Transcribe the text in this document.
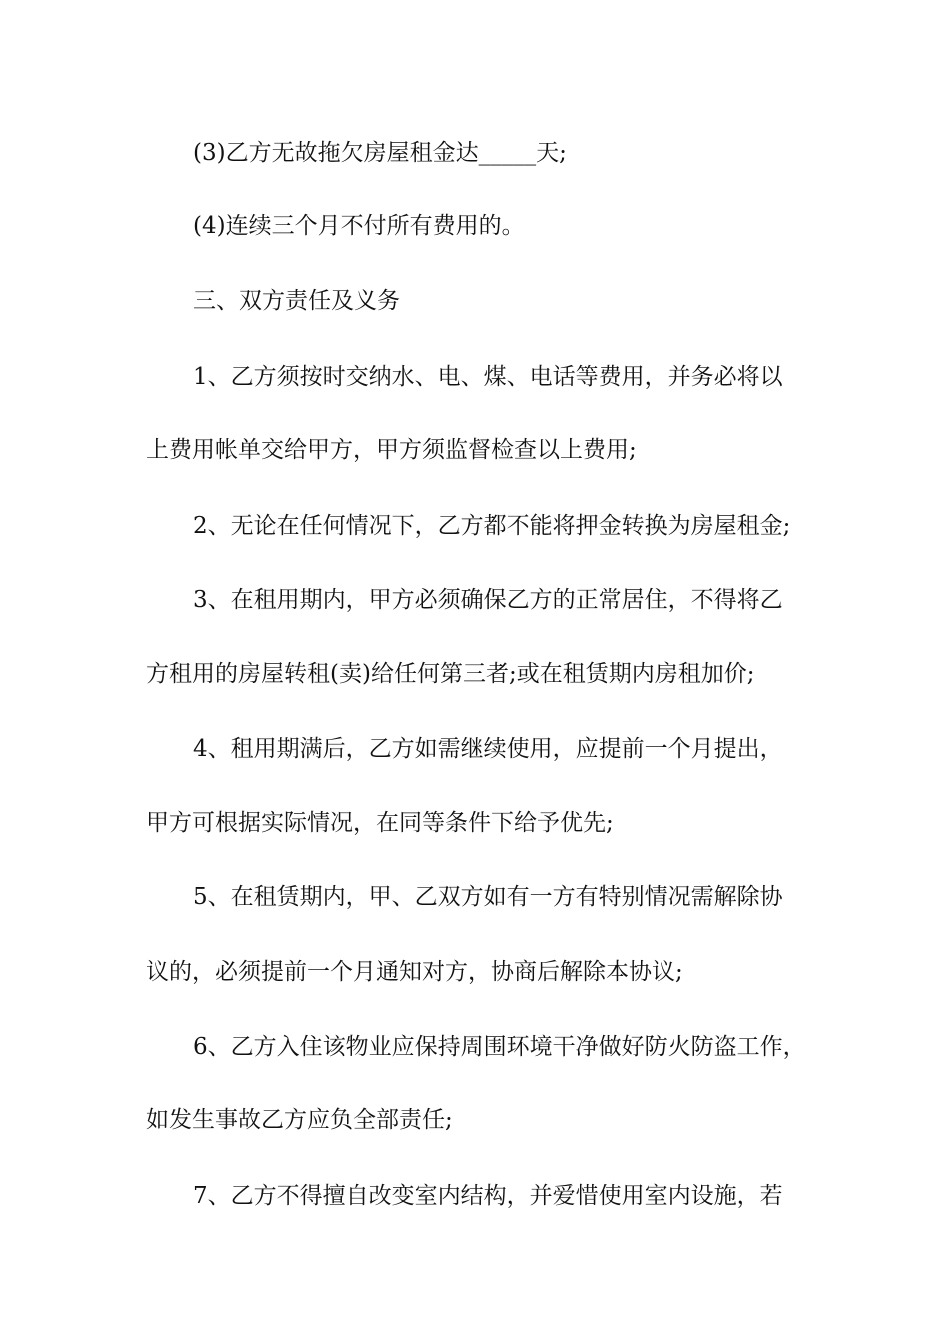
(3)乙方无故拖欠房屋租金达_____天;
(4)连续三个月不付所有费用的。
三、双方责任及义务
1、乙方须按时交纳水、电、煤、电话等费用，并务必将以
上费用帐单交给甲方，甲方须监督检查以上费用;
2、无论在任何情况下，乙方都不能将押金转换为房屋租金;
3、在租用期内，甲方必须确保乙方的正常居住，不得将乙
方租用的房屋转租(卖)给任何第三者;或在租赁期内房租加价;
4、租用期满后，乙方如需继续使用，应提前一个月提出，
甲方可根据实际情况，在同等条件下给予优先;
5、在租赁期内，甲、乙双方如有一方有特别情况需解除协
议的，必须提前一个月通知对方，协商后解除本协议;
6、乙方入住该物业应保持周围环境干净做好防火防盗工作，
如发生事故乙方应负全部责任;
7、乙方不得擅自改变室内结构，并爱惜使用室内设施，若
